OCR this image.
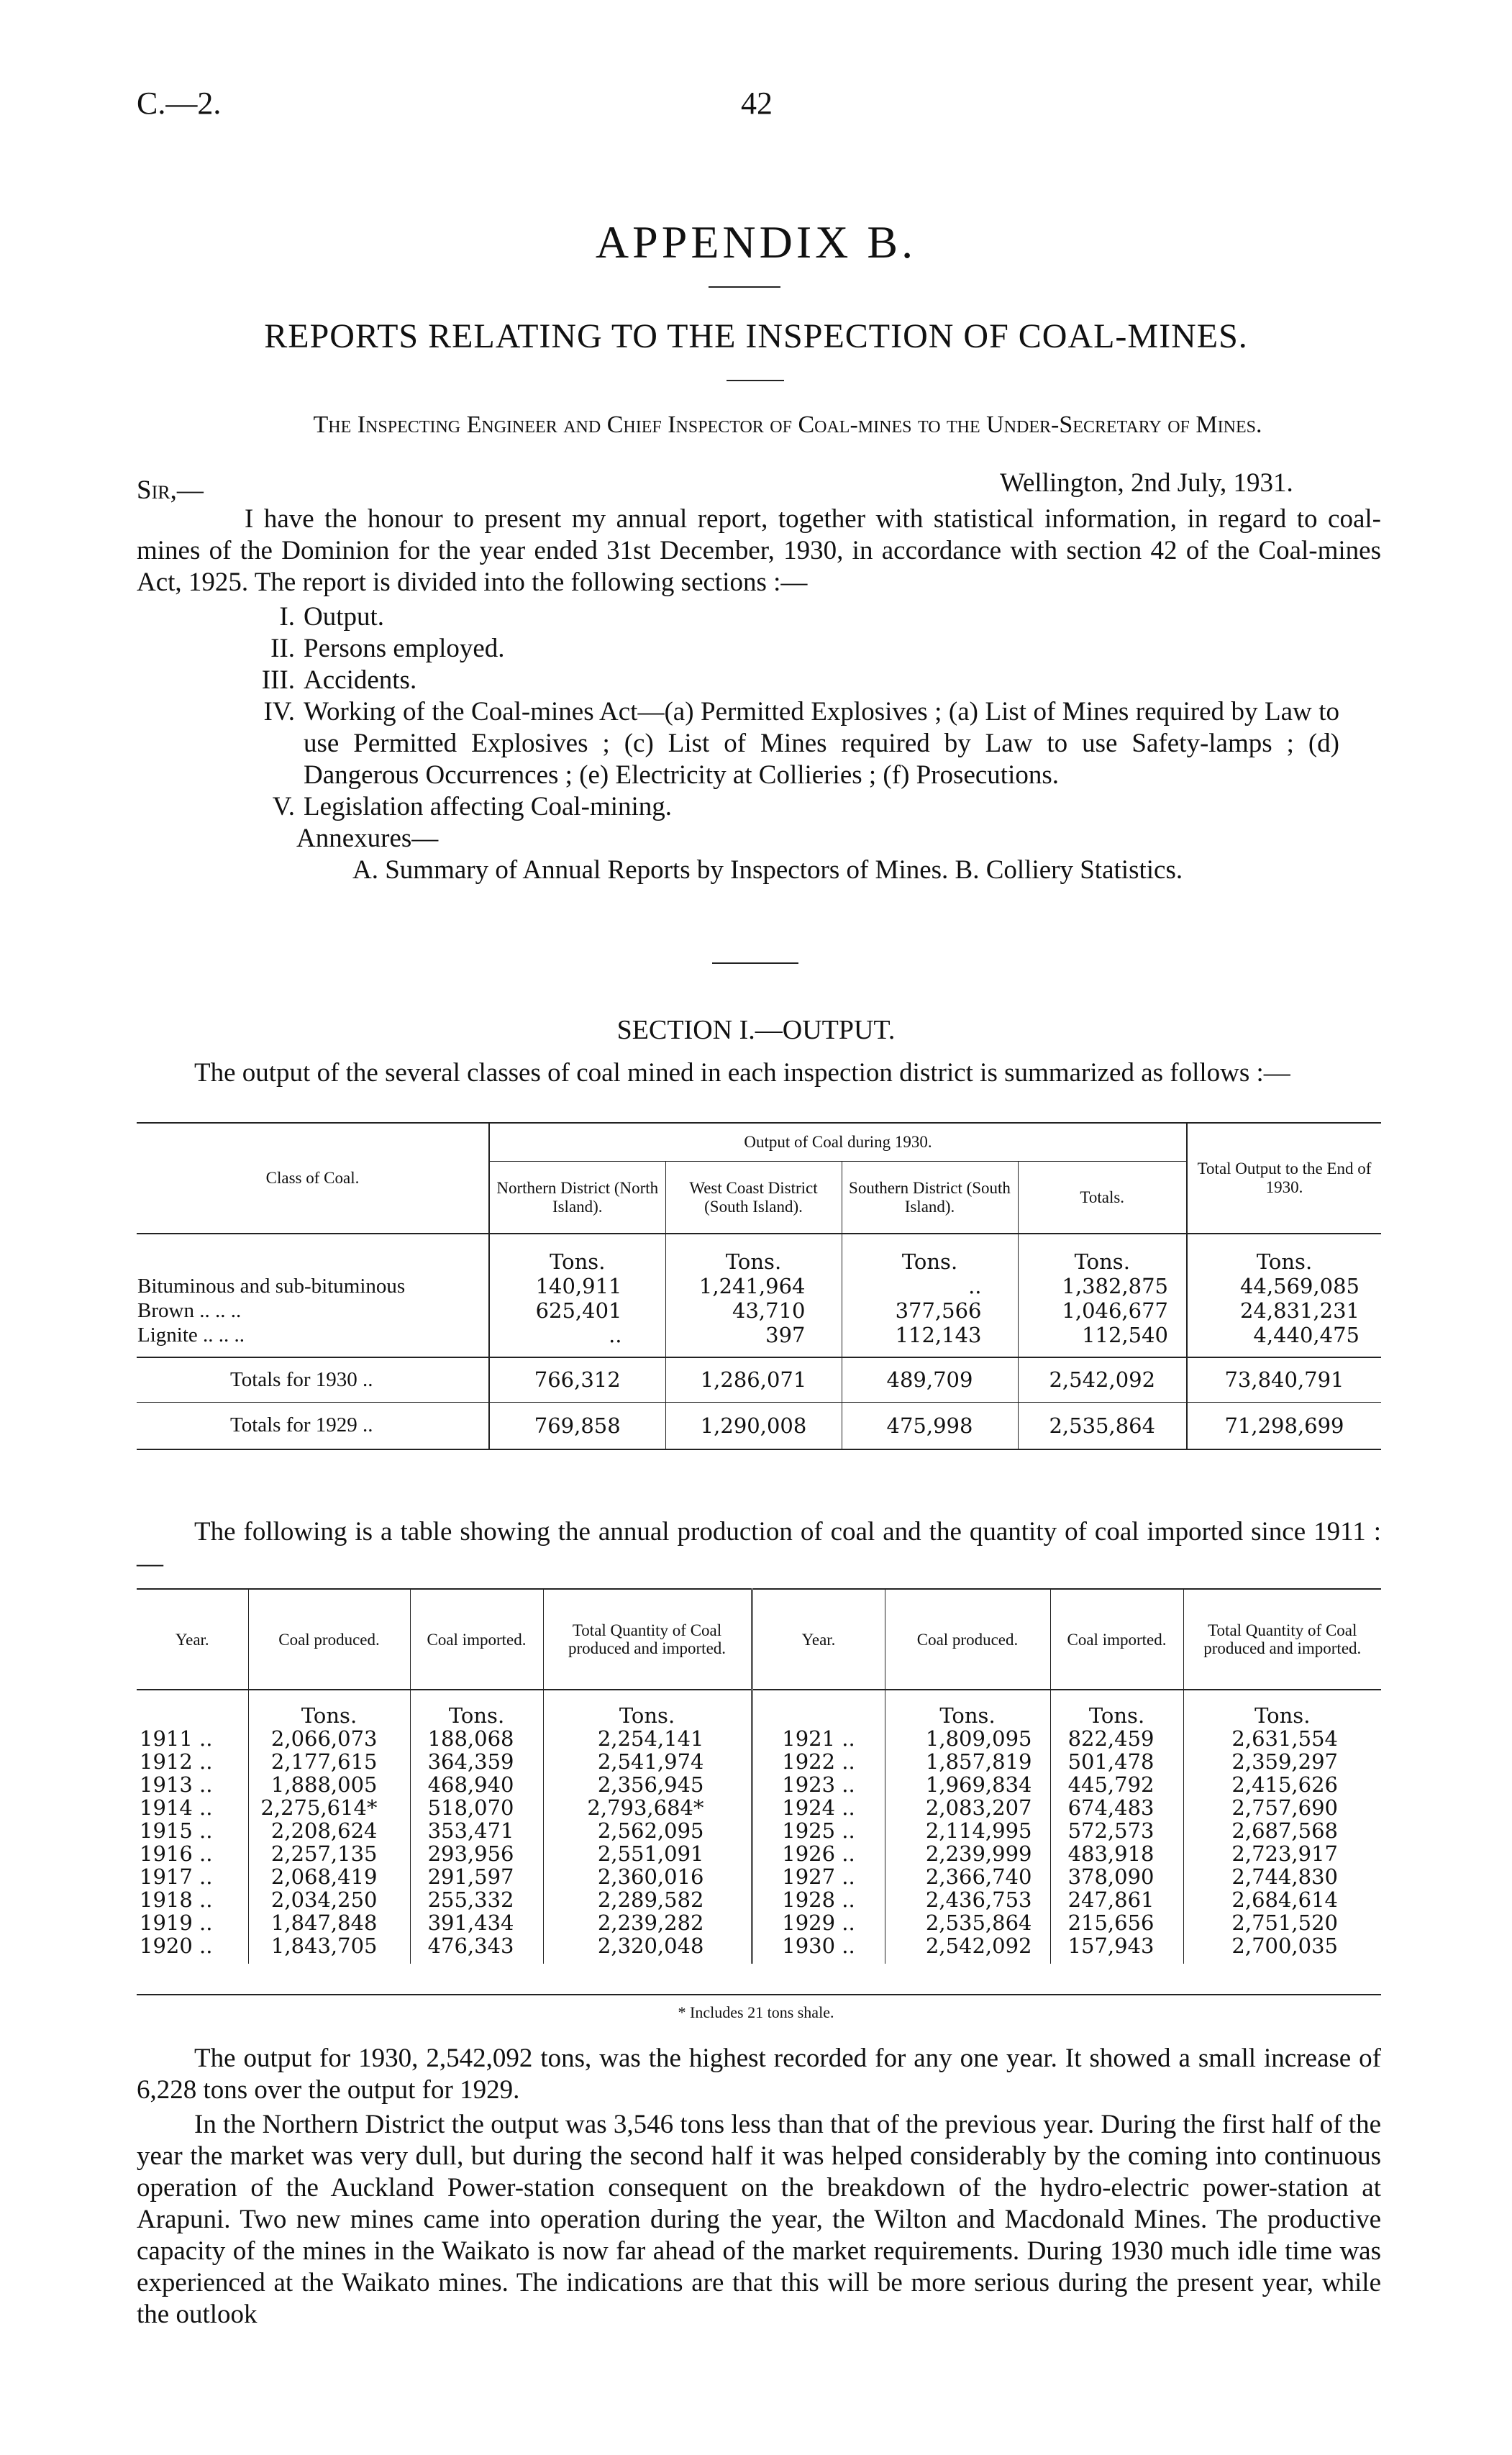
C.—2.	42
APPENDIX B.
REPORTS RELATING TO THE INSPECTION OF COAL-MINES.
The Inspecting Engineer and Chief Inspector of Coal-mines to the Under-Secretary of Mines.
Sir,—	Wellington, 2nd July, 1931.
I have the honour to present my annual report, together with statistical information, in regard to coal-mines of the Dominion for the year ended 31st December, 1930, in accordance with section 42 of the Coal-mines Act, 1925. The report is divided into the following sections :—
I. Output.
II. Persons employed.
III. Accidents.
IV. Working of the Coal-mines Act—(a) Permitted Explosives ; (a) List of Mines required by Law to use Permitted Explosives ; (c) List of Mines required by Law to use Safety-lamps ; (d) Dangerous Occurrences ; (e) Electricity at Collieries ; (f) Prosecutions.
V. Legislation affecting Coal-mining.
Annexures—
A. Summary of Annual Reports by Inspectors of Mines. B. Colliery Statistics.
SECTION I.—OUTPUT.
The output of the several classes of coal mined in each inspection district is summarized as follows :—
Class of Coal.	Output of Coal during 1930.				Total Output to the End of 1930.
	Northern District (North Island).	West Coast District (South Island).	Southern District (South Island).	Totals.	
	Tons.	Tons.	Tons.	Tons.	Tons.
Bituminous and sub-bituminous	140,911	1,241,964	..	1,382,875	44,569,085
Brown .. .. ..	625,401	43,710	377,566	1,046,677	24,831,231
Lignite .. .. ..	..	397	112,143	112,540	4,440,475
Totals for 1930 ..	766,312	1,286,071	489,709	2,542,092	73,840,791
Totals for 1929 ..	769,858	1,290,008	475,998	2,535,864	71,298,699
The following is a table showing the annual production of coal and the quantity of coal imported since 1911 :—
Year.	Coal produced.	Coal imported.	Total Quantity of Coal produced and imported.	Year.	Coal produced.	Coal imported.	Total Quantity of Coal produced and imported.
	Tons.	Tons.	Tons.		Tons.	Tons.	Tons.
1911 ..	2,066,073	188,068	2,254,141	1921 ..	1,809,095	822,459	2,631,554
1912 ..	2,177,615	364,359	2,541,974	1922 ..	1,857,819	501,478	2,359,297
1913 ..	1,888,005	468,940	2,356,945	1923 ..	1,969,834	445,792	2,415,626
1914 ..	2,275,614*	518,070	2,793,684*	1924 ..	2,083,207	674,483	2,757,690
1915 ..	2,208,624	353,471	2,562,095	1925 ..	2,114,995	572,573	2,687,568
1916 ..	2,257,135	293,956	2,551,091	1926 ..	2,239,999	483,918	2,723,917
1917 ..	2,068,419	291,597	2,360,016	1927 ..	2,366,740	378,090	2,744,830
1918 ..	2,034,250	255,332	2,289,582	1928 ..	2,436,753	247,861	2,684,614
1919 ..	1,847,848	391,434	2,239,282	1929 ..	2,535,864	215,656	2,751,520
1920 ..	1,843,705	476,343	2,320,048	1930 ..	2,542,092	157,943	2,700,035
* Includes 21 tons shale.
The output for 1930, 2,542,092 tons, was the highest recorded for any one year. It showed a small increase of 6,228 tons over the output for 1929.
In the Northern District the output was 3,546 tons less than that of the previous year. During the first half of the year the market was very dull, but during the second half it was helped considerably by the coming into continuous operation of the Auckland Power-station consequent on the breakdown of the hydro-electric power-station at Arapuni. Two new mines came into operation during the year, the Wilton and Macdonald Mines. The productive capacity of the mines in the Waikato is now far ahead of the market requirements. During 1930 much idle time was experienced at the Waikato mines. The indications are that this will be more serious during the present year, while the outlook
